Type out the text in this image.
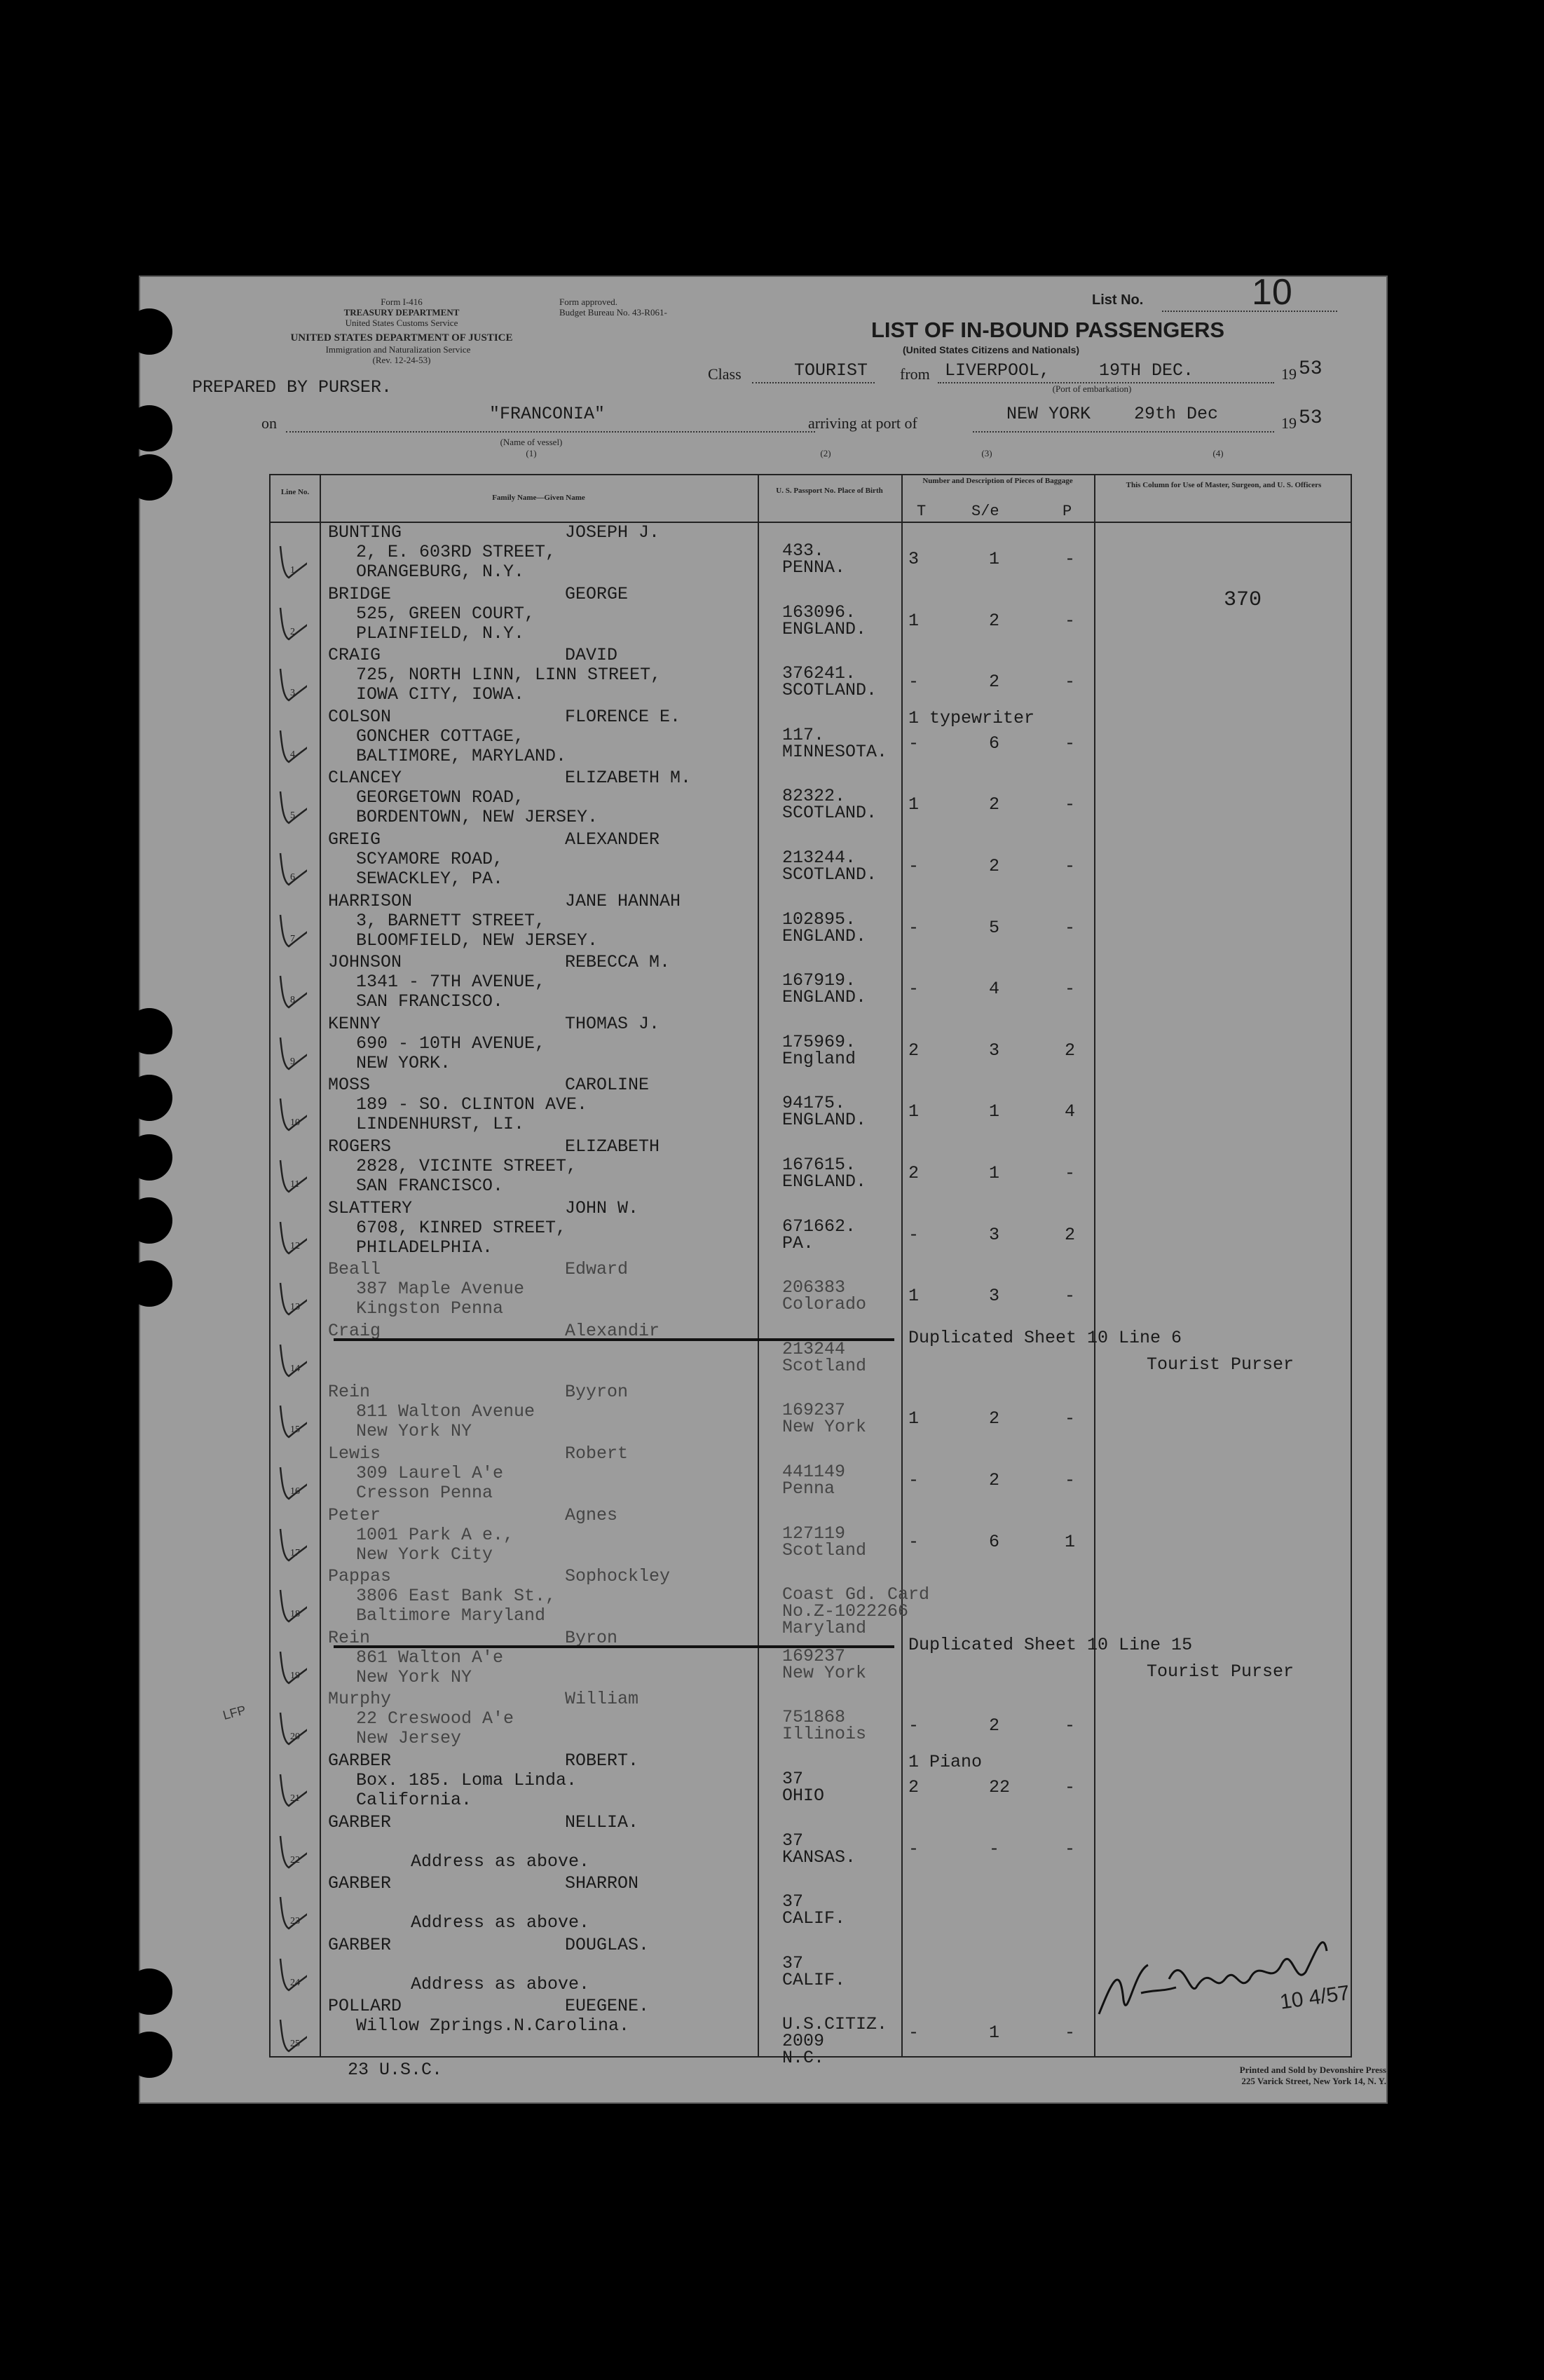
Form I-416
TREASURY DEPARTMENT
United States Customs Service
UNITED STATES DEPARTMENT OF JUSTICE
Immigration and Naturalization Service
(Rev. 12-24-53)
Form approved.
Budget Bureau No. 43-R061-
List No.	10
LIST OF IN-BOUND PASSENGERS
(United States Citizens and Nationals)
Class	TOURIST from LIVERPOOL,	19TH DEC.	19 53
(Port of embarkation)
PREPARED BY PURSER.
on	"FRANCONIA"	arriving at port of	NEW YORK 29th Dec	19 53
(Name of vessel)
(1)	(2)	(3)	(4)
Line No.
Family Name—Given Name
U. S. Passport No. Place of Birth
Number and Description of Pieces of Baggage
T	S/e	P
This Column for Use of Master, Surgeon, and U. S. Officers
1
BUNTING	JOSEPH J.
2, E. 603RD STREET,
ORANGEBURG, N.Y.
433.
PENNA.	3	1	-
2
BRIDGE	GEORGE
525, GREEN COURT,
PLAINFIELD, N.Y.
163096.
ENGLAND. 1	2	-
370
3
CRAIG	DAVID
725, NORTH LINN, LINN STREET,
IOWA CITY, IOWA.
376241.
SCOTLAND. -	2	-
4
COLSON	FLORENCE E.
GONCHER COTTAGE,
BALTIMORE, MARYLAND.
117.
MINNESOTA. -	6	-
1 typewriter
5
CLANCEY	ELIZABETH M.
GEORGETOWN ROAD,
BORDENTOWN, NEW JERSEY.
82322.
SCOTLAND. 1	2	-
6
GREIG	ALEXANDER
SCYAMORE ROAD,
SEWACKLEY, PA.
213244.
SCOTLAND. -	2	-
7
HARRISON	JANE HANNAH
3, BARNETT STREET,
BLOOMFIELD, NEW JERSEY.
102895.
ENGLAND. -	5	-
8
JOHNSON	REBECCA M.
1341 - 7TH AVENUE,
SAN FRANCISCO.
167919.
ENGLAND. -	4	-
9
KENNY	THOMAS J.
690 - 10TH AVENUE,
NEW YORK.
175969.
England	2	3	2
10
MOSS	CAROLINE
189 - SO. CLINTON AVE.
LINDENHURST, LI.
94175.
ENGLAND. 1	1	4
11
ROGERS	ELIZABETH
2828, VICINTE STREET,
SAN FRANCISCO.
167615.
ENGLAND. 2	1	-
12
SLATTERY	JOHN W.
6708, KINRED STREET,
PHILADELPHIA.
671662.
PA.	-	3	2
13
Beall	Edward
387 Maple Avenue
Kingston Penna
206383
Colorado 1	3	-
14
Craig	Alexandir
213244
Scotland
Duplicated Sheet 10 Line 6
Tourist Purser
15
Rein	Byyron
811 Walton Avenue
New York NY
169237
New York 1	2	-
16
Lewis	Robert
309 Laurel A'e
Cresson Penna
441149
Penna	-	2	-
17
Peter	Agnes
1001 Park A e.,
New York City
127119
Scotland -	6	1
18
Pappas	Sophockley
3806 East Bank St.,
Baltimore Maryland
Coast Gd. Card
No.Z-1022266
Maryland
19
Rein	Byron
861 Walton A'e
New York NY
169237
New York
Duplicated Sheet 10 Line 15
Tourist Purser
20
Murphy	William
22 Creswood A'e
New Jersey
751868
Illinois -	2	-
21
GARBER	ROBERT.
Box. 185. Loma Linda.
California.
37
OHIO	2	22	-
1 Piano
22
GARBER	NELLIA.
Address as above.
37
KANSAS.	-	-	-
23
GARBER	SHARRON
Address as above.
37
CALIF.
24
GARBER	DOUGLAS.
Address as above.
37
CALIF.
25
POLLARD	EUEGENE.
Willow Zprings.N.Carolina.	U.S.CITIZ.
2009
N.C.
-	1	-
23 U.S.C.	Printed and Sold by Devonshire Press
225 Varick Street, New York 14, N. Y.
LFP
10 4/57
